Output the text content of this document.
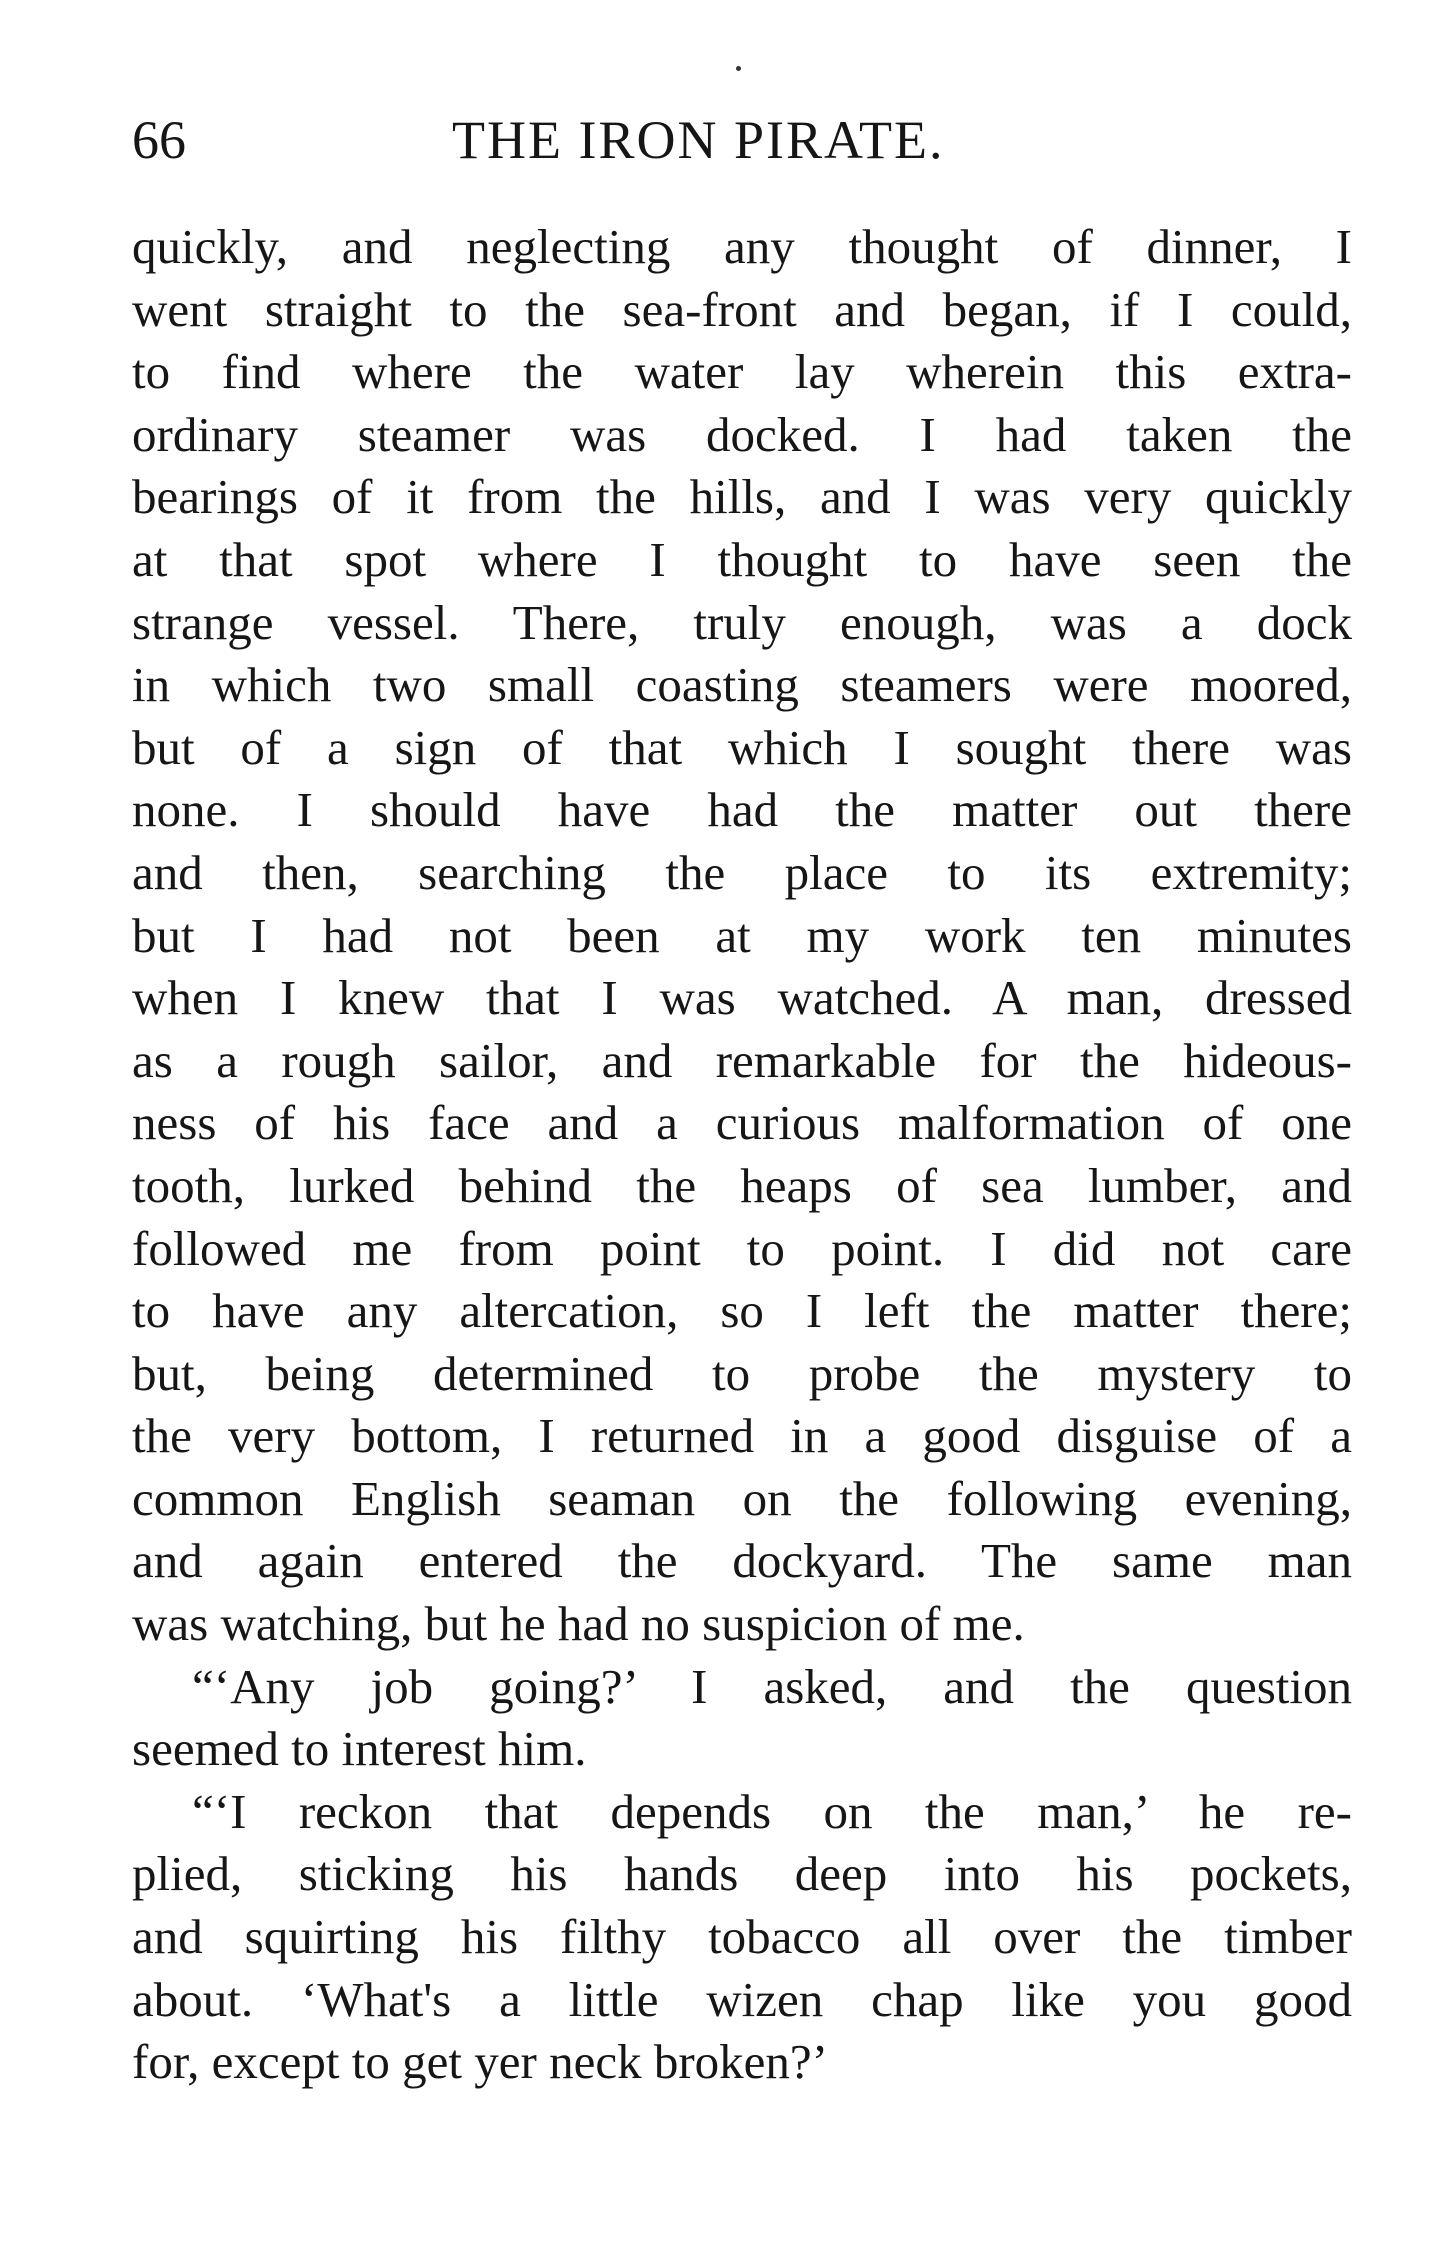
66	THE IRON PIRATE.
quickly, and neglecting any thought of dinner, I
went straight to the sea-front and began, if I could,
to find where the water lay wherein this extra-
ordinary steamer was docked. I had taken the
bearings of it from the hills, and I was very quickly
at that spot where I thought to have seen the
strange vessel. There, truly enough, was a dock
in which two small coasting steamers were moored,
but of a sign of that which I sought there was
none. I should have had the matter out there
and then, searching the place to its extremity;
but I had not been at my work ten minutes
when I knew that I was watched. A man, dressed
as a rough sailor, and remarkable for the hideous-
ness of his face and a curious malformation of one
tooth, lurked behind the heaps of sea lumber, and
followed me from point to point. I did not care
to have any altercation, so I left the matter there;
but, being determined to probe the mystery to
the very bottom, I returned in a good disguise of a
common English seaman on the following evening,
and again entered the dockyard. The same man
was watching, but he had no suspicion of me.
“‘Any job going?’ I asked, and the question
seemed to interest him.
“‘I reckon that depends on the man,’ he re-
plied, sticking his hands deep into his pockets,
and squirting his filthy tobacco all over the timber
about. ‘What's a little wizen chap like you good
for, except to get yer neck broken?’
